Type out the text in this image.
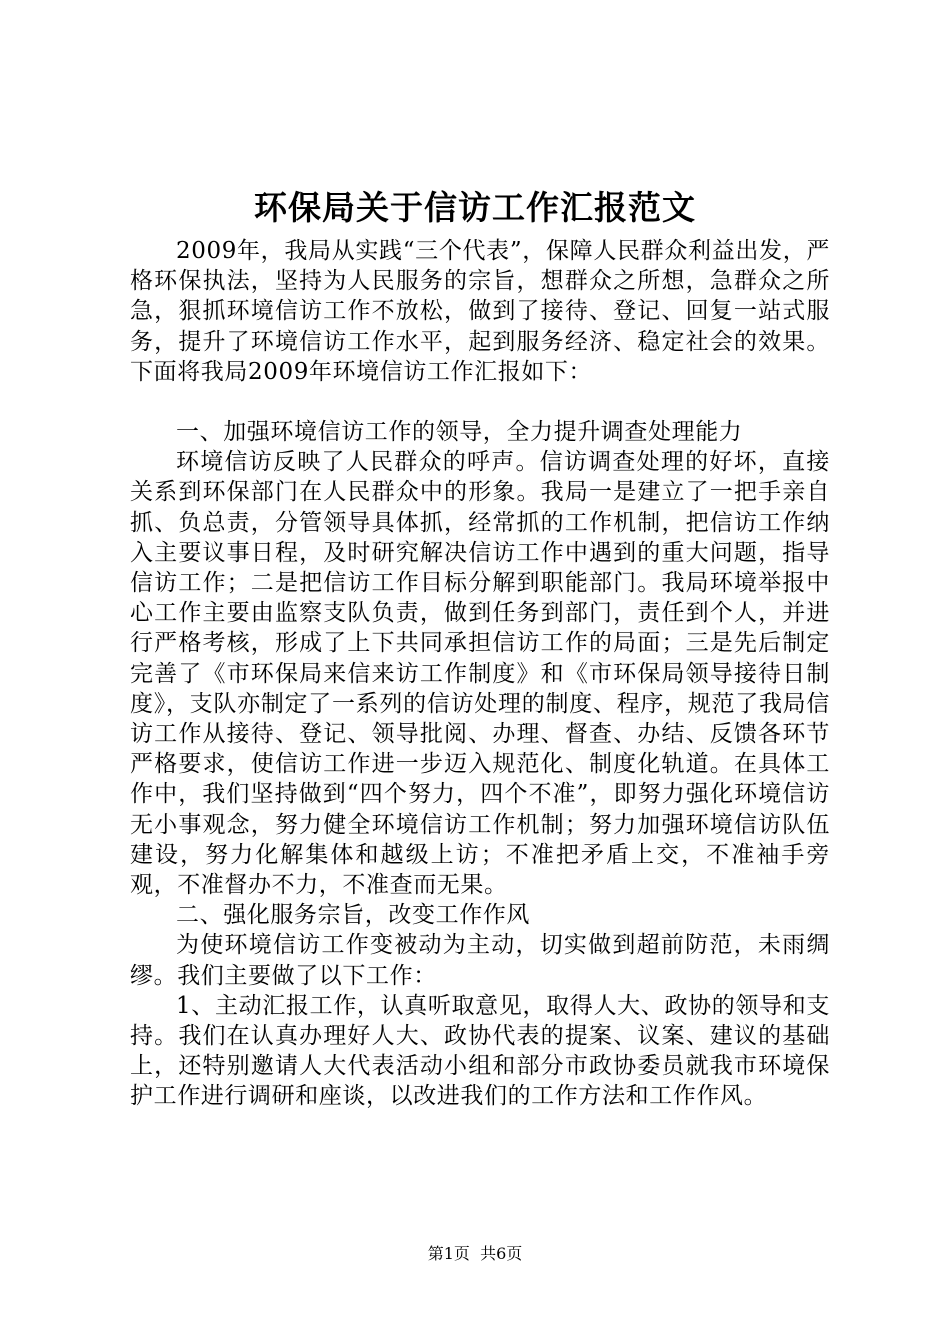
环保局关于信访工作汇报范文

2009年，我局从实践“三个代表”，保障人民群众利益出发，严格环保执法，坚持为人民服务的宗旨，想群众之所想，急群众之所急，狠抓环境信访工作不放松，做到了接待、登记、回复一站式服务，提升了环境信访工作水平，起到服务经济、稳定社会的效果。下面将我局2009年环境信访工作汇报如下：

一、加强环境信访工作的领导，全力提升调查处理能力

环境信访反映了人民群众的呼声。信访调查处理的好坏，直接关系到环保部门在人民群众中的形象。我局一是建立了一把手亲自抓、负总责，分管领导具体抓，经常抓的工作机制，把信访工作纳入主要议事日程，及时研究解决信访工作中遇到的重大问题，指导信访工作；二是把信访工作目标分解到职能部门。我局环境举报中心工作主要由监察支队负责，做到任务到部门，责任到个人，并进行严格考核，形成了上下共同承担信访工作的局面；三是先后制定完善了《市环保局来信来访工作制度》和《市环保局领导接待日制度》，支队亦制定了一系列的信访处理的制度、程序，规范了我局信访工作从接待、登记、领导批阅、办理、督查、办结、反馈各环节严格要求，使信访工作进一步迈入规范化、制度化轨道。在具体工作中，我们坚持做到“四个努力，四个不准”，即努力强化环境信访无小事观念，努力健全环境信访工作机制；努力加强环境信访队伍建设，努力化解集体和越级上访；不准把矛盾上交，不准袖手旁观，不准督办不力，不准查而无果。

二、强化服务宗旨，改变工作作风

为使环境信访工作变被动为主动，切实做到超前防范，未雨绸缪。我们主要做了以下工作：

1、主动汇报工作，认真听取意见，取得人大、政协的领导和支持。我们在认真办理好人大、政协代表的提案、议案、建议的基础上，还特别邀请人大代表活动小组和部分市政协委员就我市环境保护工作进行调研和座谈，以改进我们的工作方法和工作作风。

第1页  共6页
